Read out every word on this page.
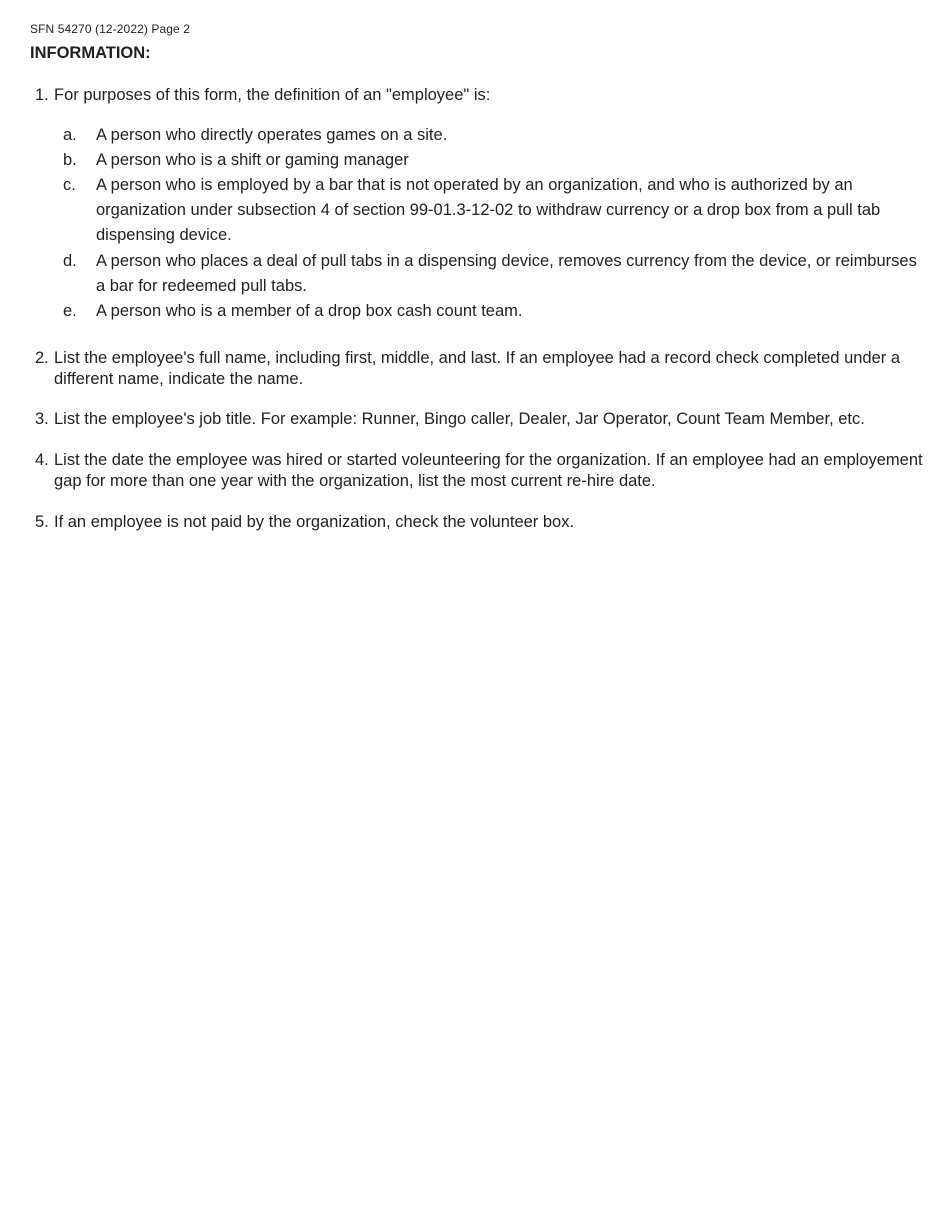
SFN 54270 (12-2022) Page 2
INFORMATION:
1. For purposes of this form, the definition of an "employee" is:
a. A person who directly operates games on a site.
b. A person who is a shift or gaming manager
c. A person who is employed by a bar that is not operated by an organization, and who is authorized by an organization under subsection 4 of section 99-01.3-12-02 to withdraw currency or a drop box from a pull tab dispensing device.
d. A person who places a deal of pull tabs in a dispensing device, removes currency from the device, or reimburses a bar for redeemed pull tabs.
e. A person who is a member of a drop box cash count team.
2. List the employee's full name, including first, middle, and last. If an employee had a record check completed under a different name, indicate the name.
3. List the employee's job title. For example: Runner, Bingo caller, Dealer, Jar Operator, Count Team Member, etc.
4. List the date the employee was hired or started voleunteering for the organization. If an employee had an employement gap for more than one year with the organization, list the most current re-hire date.
5. If an employee is not paid by the organization, check the volunteer box.
